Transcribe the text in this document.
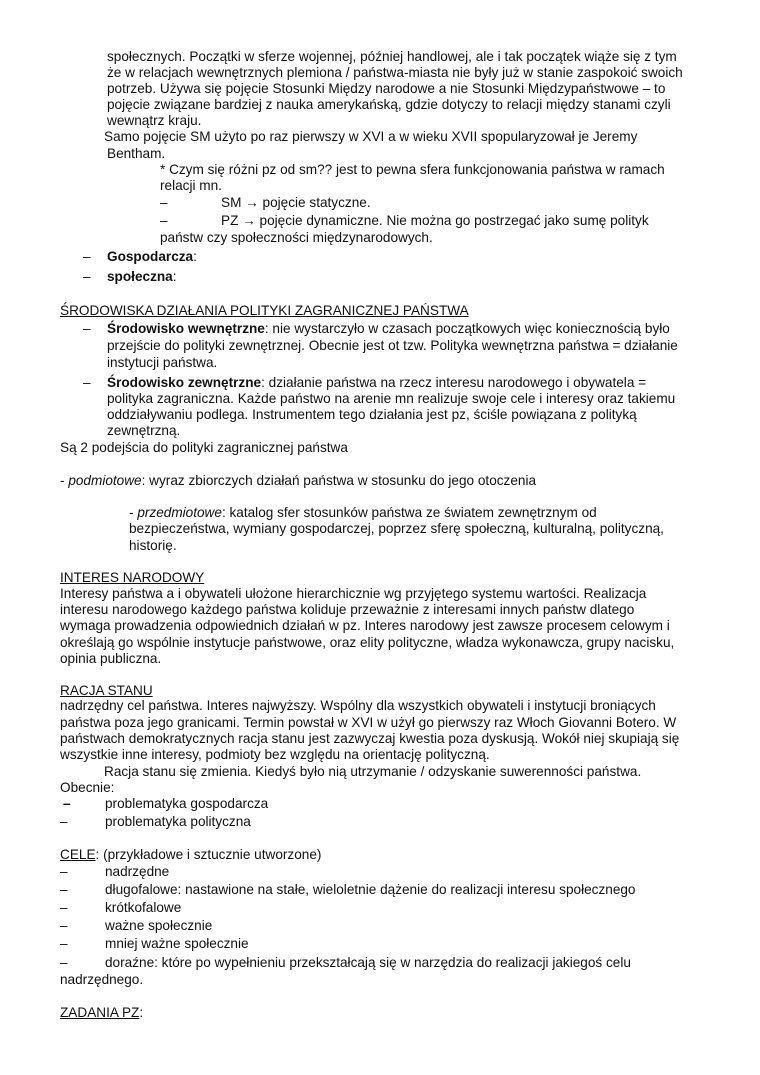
społecznych. Początki w sferze wojennej, później handlowej, ale i tak początek wiąże się z tym
że w relacjach wewnętrznych plemiona / państwa-miasta nie były już w stanie zaspokoić swoich
potrzeb. Używa się pojęcie Stosunki Między narodowe a nie Stosunki Międzypaństwowe – to
pojęcie związane bardziej z nauka amerykańską, gdzie dotyczy to relacji między stanami czyli
wewnątrz kraju.
Samo pojęcie SM użyto po raz pierwszy w XVI a w wieku XVII spopularyzował je Jeremy
Bentham.
* Czym się różni pz od sm?? jest to pewna sfera funkcjonowania państwa w ramach
relacji mn.
–	SM → pojęcie statyczne.
–	PZ → pojęcie dynamiczne. Nie można go postrzegać jako sumę polityk
państw czy społeczności międzynarodowych.
– Gospodarcza:
– społeczna:
ŚRODOWISKA DZIAŁANIA POLITYKI ZAGRANICZNEJ PAŃSTWA
– Środowisko wewnętrzne: nie wystarczyło w czasach początkowych więc koniecznością było
przejście do polityki zewnętrznej. Obecnie jest ot tzw. Polityka wewnętrzna państwa = działanie
instytucji państwa.
– Środowisko zewnętrzne: działanie państwa na rzecz interesu narodowego i obywatela =
polityka zagraniczna. Każde państwo na arenie mn realizuje swoje cele i interesy oraz takiemu
oddziaływaniu podlega. Instrumentem tego działania jest pz, ściśle powiązana z polityką
zewnętrzną.
Są 2 podejścia do polityki zagranicznej państwa
- podmiotowe: wyraz zbiorczych działań państwa w stosunku do jego otoczenia
- przedmiotowe: katalog sfer stosunków państwa ze światem zewnętrznym od
bezpieczeństwa, wymiany gospodarczej, poprzez sferę społeczną, kulturalną, polityczną,
historię.
INTERES NARODOWY
Interesy państwa a i obywateli ułożone hierarchicznie wg przyjętego systemu wartości. Realizacja
interesu narodowego każdego państwa koliduje przeważnie z interesami innych państw dlatego
wymaga prowadzenia odpowiednich działań w pz. Interes narodowy jest zawsze procesem celowym i
określają go wspólnie instytucje państwowe, oraz elity polityczne, władza wykonawcza, grupy nacisku,
opinia publiczna.
RACJA STANU
nadrzędny cel państwa. Interes najwyższy. Wspólny dla wszystkich obywateli i instytucji broniących
państwa poza jego granicami. Termin powstał w XVI w użył go pierwszy raz Włoch Giovanni Botero. W
państwach demokratycznych racja stanu jest zazwyczaj kwestia poza dyskusją. Wokół niej skupiają się
wszystkie inne interesy, podmioty bez względu na orientację polityczną.
Racja stanu się zmienia. Kiedyś było nią utrzymanie / odzyskanie suwerenności państwa.
Obecnie:
–	problematyka gospodarcza
–	problematyka polityczna
CELE: (przykładowe i sztucznie utworzone)
–	nadrzędne
–	długofalowe: nastawione na stałe, wieloletnie dążenie do realizacji interesu społecznego
–	krótkofalowe
–	ważne społecznie
–	mniej ważne społecznie
–	doraźne: które po wypełnieniu przekształcają się w narzędzia do realizacji jakiegoś celu
nadrzędnego.
ZADANIA PZ:
